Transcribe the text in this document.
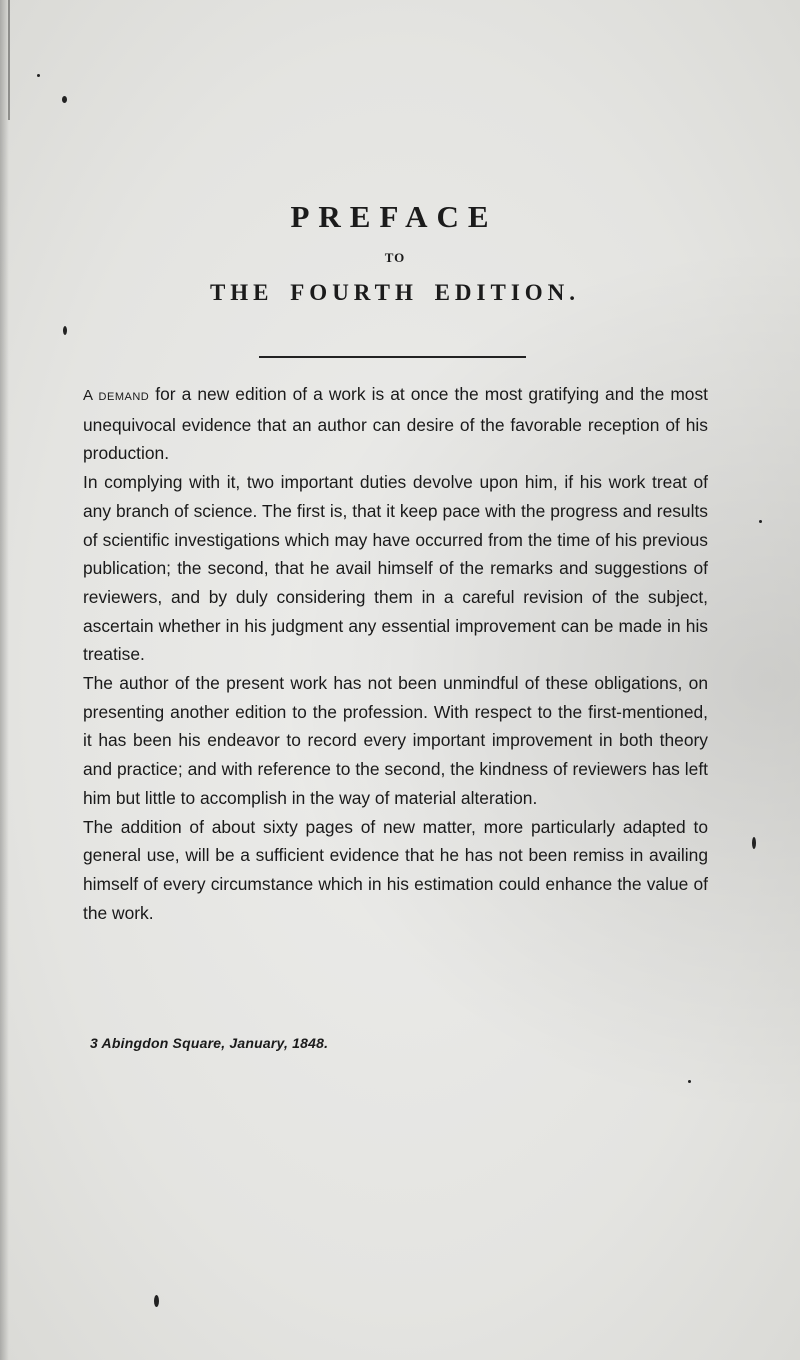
PREFACE
TO
THE FOURTH EDITION.

A demand for a new edition of a work is at once the most gratifying and the most unequivocal evidence that an author can desire of the favorable reception of his production.

In complying with it, two important duties devolve upon him, if his work treat of any branch of science. The first is, that it keep pace with the progress and results of scientific investigations which may have occurred from the time of his previous publication; the second, that he avail himself of the remarks and suggestions of reviewers, and by duly considering them in a careful revision of the subject, ascertain whether in his judgment any essential improvement can be made in his treatise.

The author of the present work has not been unmindful of these obligations, on presenting another edition to the profession. With respect to the first-mentioned, it has been his endeavor to record every important improvement in both theory and practice; and with reference to the second, the kindness of reviewers has left him but little to accomplish in the way of material alteration.

The addition of about sixty pages of new matter, more particularly adapted to general use, will be a sufficient evidence that he has not been remiss in availing himself of every circumstance which in his estimation could enhance the value of the work.

3 Abingdon Square, January, 1848.
